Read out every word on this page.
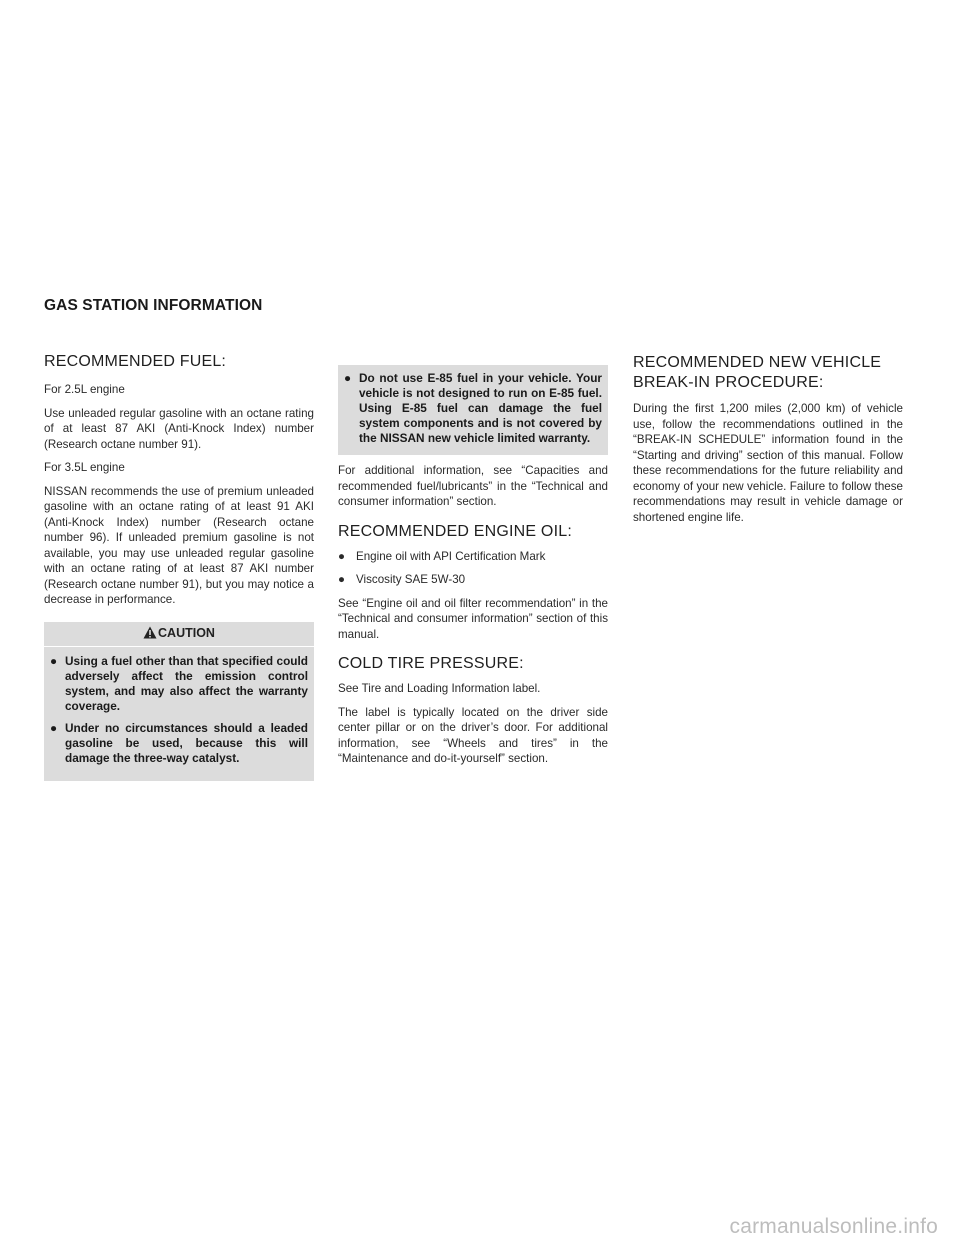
GAS STATION INFORMATION
RECOMMENDED FUEL:

For 2.5L engine

Use unleaded regular gasoline with an octane rating of at least 87 AKI (Anti-Knock Index) number (Research octane number 91).

For 3.5L engine

NISSAN recommends the use of premium unleaded gasoline with an octane rating of at least 91 AKI (Anti-Knock Index) number (Research octane number 96). If unleaded premium gasoline is not available, you may use unleaded regular gasoline with an octane rating of at least 87 AKI number (Research octane number 91), but you may notice a decrease in performance.

CAUTION
● Using a fuel other than that specified could adversely affect the emission control system, and may also affect the warranty coverage.
● Under no circumstances should a leaded gasoline be used, because this will damage the three-way catalyst.
● Do not use E-85 fuel in your vehicle. Your vehicle is not designed to run on E-85 fuel. Using E-85 fuel can damage the fuel system components and is not covered by the NISSAN new vehicle limited warranty.

For additional information, see “Capacities and recommended fuel/lubricants” in the “Technical and consumer information” section.

RECOMMENDED ENGINE OIL:
● Engine oil with API Certification Mark
● Viscosity SAE 5W-30

See “Engine oil and oil filter recommendation” in the “Technical and consumer information” section of this manual.

COLD TIRE PRESSURE:

See Tire and Loading Information label.

The label is typically located on the driver side center pillar or on the driver’s door. For additional information, see “Wheels and tires” in the “Maintenance and do-it-yourself” section.

RECOMMENDED NEW VEHICLE
BREAK-IN PROCEDURE:

During the first 1,200 miles (2,000 km) of vehicle use, follow the recommendations outlined in the “BREAK-IN SCHEDULE” information found in the “Starting and driving” section of this manual. Follow these recommendations for the future reliability and economy of your new vehicle. Failure to follow these recommendations may result in vehicle damage or shortened engine life.

carmanualsonline.info
